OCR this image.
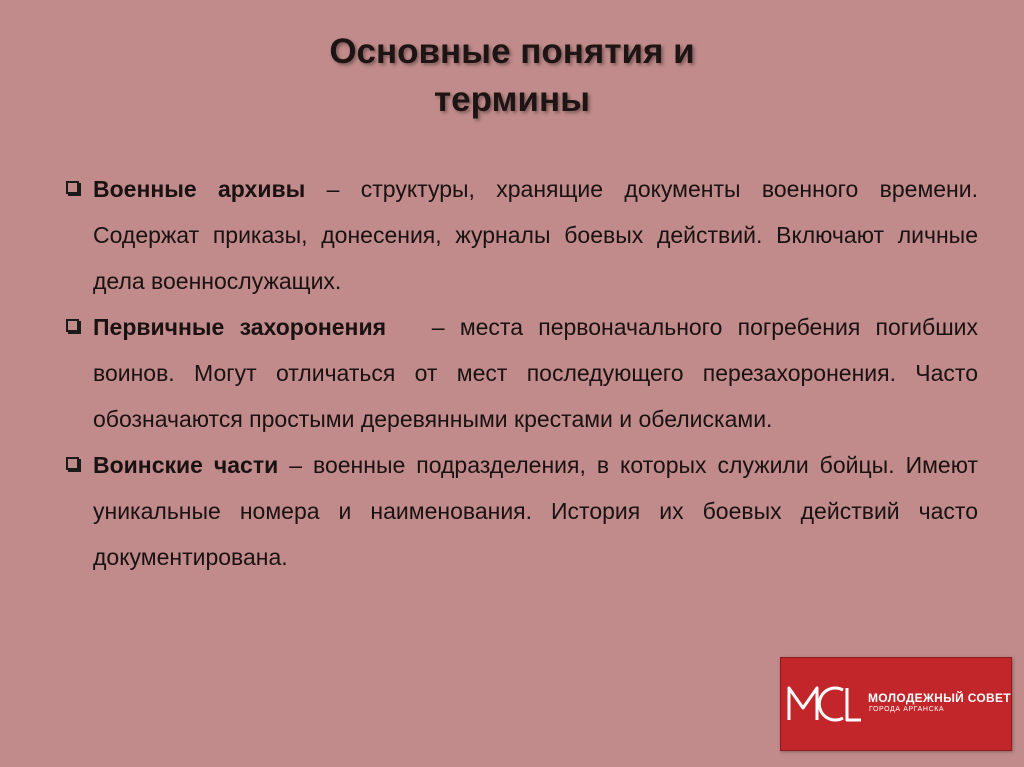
Основные понятия и
термины
Военные архивы – структуры, хранящие документы военного времени. Содержат приказы, донесения, журналы боевых действий. Включают личные дела военнослужащих.
Первичные захоронения   – места первоначального погребения погибших воинов. Могут отличаться от мест последующего перезахоронения. Часто обозначаются простыми деревянными крестами и обелисками.
Воинские части – военные подразделения, в которых служили бойцы. Имеют уникальные номера и наименования. История их боевых действий часто документирована.
МОЛОДЕЖНЫЙ СОВЕТ
ГОРОДА АРГАНСКА
